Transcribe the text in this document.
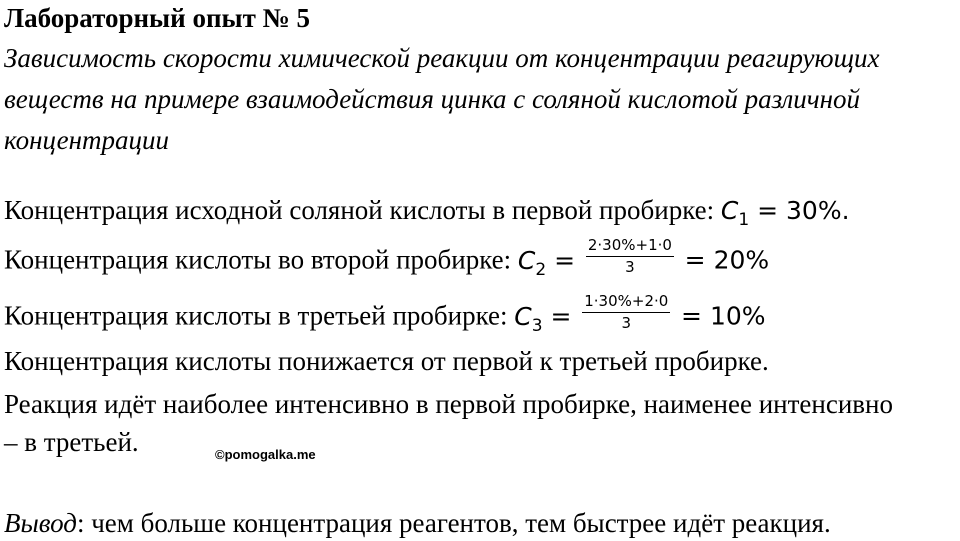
Лабораторный опыт № 5
Зависимость скорости химической реакции от концентрации реагирующих
веществ на примере взаимодействия цинка с соляной кислотой различной
концентрации
Концентрация исходной соляной кислоты в первой пробирке: $C_1 = 30\%$.
Концентрация кислоты во второй пробирке: $C_2 = \frac{2\cdot 30\%+1\cdot 0}{3} = 20\%$
Концентрация кислоты в третьей пробирке: $C_3 = \frac{1\cdot 30\%+2\cdot 0}{3} = 10\%$
Концентрация кислоты понижается от первой к третьей пробирке.
Реакция идёт наиболее интенсивно в первой пробирке, наименее интенсивно
– в третьей.	©pomogalka.me
Вывод: чем больше концентрация реагентов, тем быстрее идёт реакция.
